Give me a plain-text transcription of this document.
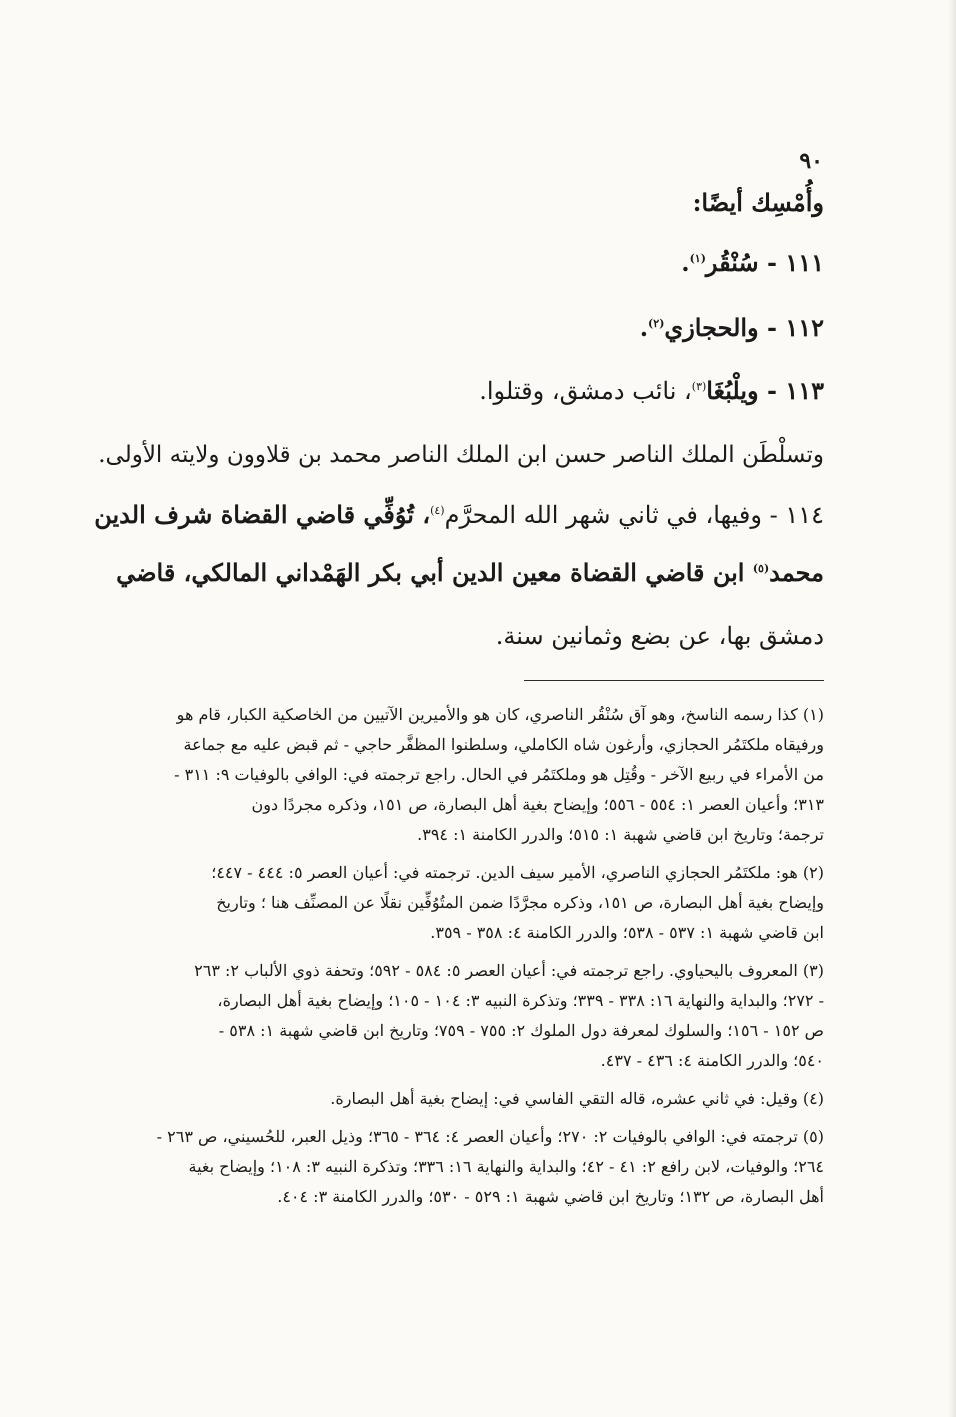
٩٠
وأُمْسِك أيضًا:
١١١ - سُنْقُر$^{(١)}$.
١١٢ - والحجازي$^{(٢)}$.
١١٣ - ويلْبُغَا$^{(٣)}$، نائب دمشق، وقتلوا.
وتسلْطَن الملك الناصر حسن ابن الملك الناصر محمد بن قلاوون ولايته الأولى.
١١٤ - وفيها، في ثاني شهر الله المحرَّم$^{(٤)}$، تُوُفِّي قاضي القضاة شرف الدين
محمد$^{(٥)}$ ابن قاضي القضاة معين الدين أبي بكر الهَمْداني المالكي، قاضي
دمشق بها، عن بضع وثمانين سنة.
(١) كذا رسمه الناسخ، وهو آق سُنْقُر الناصري، كان هو والأميرين الآتيين من الخاصكية الكبار، قام هو
ورفيقاه ملكتَمُر الحجازي، وأرغون شاه الكاملي، وسلطنوا المظفَّر حاجي - ثم قبض عليه مع جماعة
من الأمراء في ربيع الآخر - وقُتِل هو وملكتَمُر في الحال. راجع ترجمته في: الوافي بالوفيات ٩: ٣١١ -
٣١٣؛ وأعيان العصر ١: ٥٥٤ - ٥٥٦؛ وإيضاح بغية أهل البصارة، ص ١٥١، وذكره مجردًا دون
ترجمة؛ وتاريخ ابن قاضي شهبة ١: ٥١٥؛ والدرر الكامنة ١: ٣٩٤.
(٢) هو: ملكتَمُر الحجازي الناصري، الأمير سيف الدين. ترجمته في: أعيان العصر ٥: ٤٤٤ - ٤٤٧؛
وإيضاح بغية أهل البصارة، ص ١٥١، وذكره مجرَّدًا ضمن المتُوُفِّين نقلًا عن المصنِّف هنا ؛ وتاريخ
ابن قاضي شهبة ١: ٥٣٧ - ٥٣٨؛ والدرر الكامنة ٤: ٣٥٨ - ٣٥٩.
(٣) المعروف باليحياوي. راجع ترجمته في: أعيان العصر ٥: ٥٨٤ - ٥٩٢؛ وتحفة ذوي الألباب ٢: ٢٦٣
- ٢٧٢؛ والبداية والنهاية ١٦: ٣٣٨ - ٣٣٩؛ وتذكرة النبيه ٣: ١٠٤ - ١٠٥؛ وإيضاح بغية أهل البصارة،
ص ١٥٢ - ١٥٦؛ والسلوك لمعرفة دول الملوك ٢: ٧٥٥ - ٧٥٩؛ وتاريخ ابن قاضي شهبة ١: ٥٣٨ -
٥٤٠؛ والدرر الكامنة ٤: ٤٣٦ - ٤٣٧.
(٤) وقيل: في ثاني عشره، قاله التقي الفاسي في: إيضاح بغية أهل البصارة.
(٥) ترجمته في: الوافي بالوفيات ٢: ٢٧٠؛ وأعيان العصر ٤: ٣٦٤ - ٣٦٥؛ وذيل العبر، للحُسيني، ص ٢٦٣ -
٢٦٤؛ والوفيات، لابن رافع ٢: ٤١ - ٤٢؛ والبداية والنهاية ١٦: ٣٣٦؛ وتذكرة النبيه ٣: ١٠٨؛ وإيضاح بغية
أهل البصارة، ص ١٣٢؛ وتاريخ ابن قاضي شهبة ١: ٥٢٩ - ٥٣٠؛ والدرر الكامنة ٣: ٤٠٤.
